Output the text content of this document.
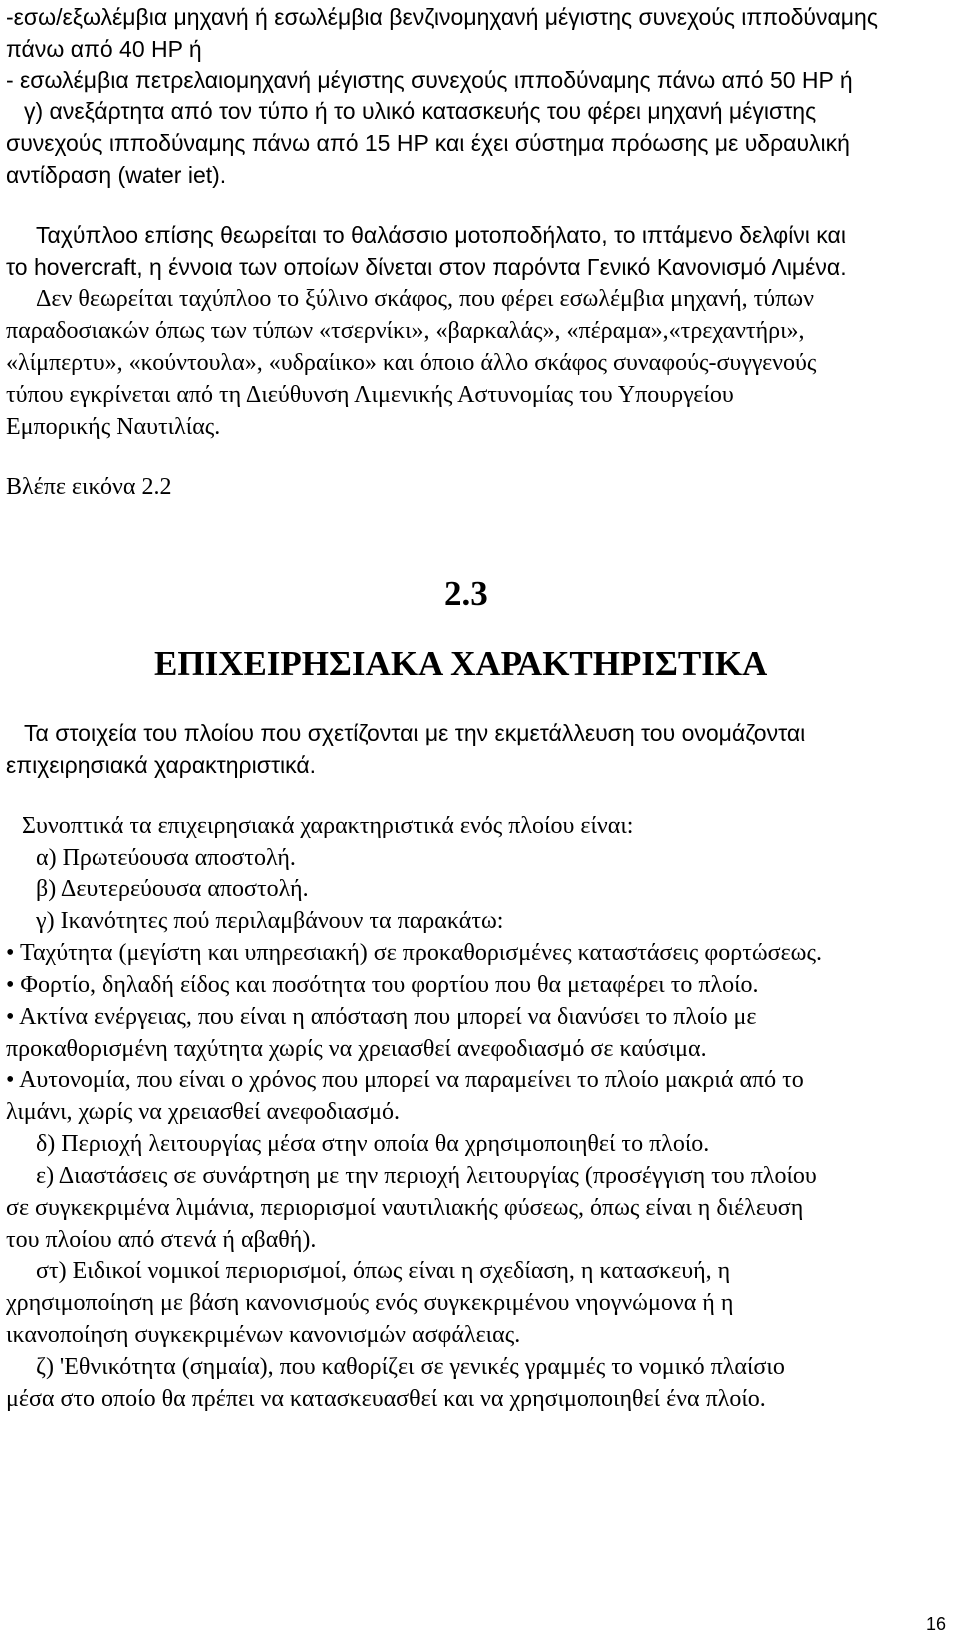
-εσω/εξωλέμβια μηχανή ή εσωλέμβια βενζινομηχανή μέγιστης συνεχούς ιπποδύναμης
πάνω από 40 HP ή
- εσωλέμβια πετρελαιομηχανή μέγιστης συνεχούς ιπποδύναμης πάνω από 50 HP ή
γ) ανεξάρτητα από τον τύπο ή το υλικό κατασκευής του φέρει μηχανή μέγιστης
συνεχούς ιπποδύναμης πάνω από 15 HP και έχει σύστημα πρόωσης με υδραυλική
αντίδραση (water iet).
Ταχύπλοο επίσης θεωρείται το θαλάσσιο μοτοποδήλατο, το ιπτάμενο δελφίνι και
το hovercraft, η έννοια των οποίων δίνεται στον παρόντα Γενικό Κανονισμό Λιμένα.
Δεν θεωρείται ταχύπλοο το ξύλινο σκάφος, που φέρει εσωλέμβια μηχανή, τύπων
παραδοσιακών όπως των τύπων «τσερνίκι», «βαρκαλάς», «πέραμα»,«τρεχαντήρι»,
«λίμπερτυ», «κούντουλα», «υδραίικο» και όποιο άλλο σκάφος συναφούς-συγγενούς
τύπου εγκρίνεται από τη Διεύθυνση Λιμενικής Αστυνομίας του Υπουργείου
Εμπορικής Ναυτιλίας.
Βλέπε εικόνα 2.2
2.3
ΕΠΙΧΕΙΡΗΣΙΑΚΑ ΧΑΡΑΚΤΗΡΙΣΤΙΚΑ
Τα στοιχεία του πλοίου που σχετίζονται με την εκμετάλλευση του ονομάζονται
επιχειρησιακά χαρακτηριστικά.
Συνοπτικά τα επιχειρησιακά χαρακτηριστικά ενός πλοίου είναι:
α) Πρωτεύουσα αποστολή.
β) Δευτερεύουσα αποστολή.
γ) Ικανότητες πού περιλαμβάνουν τα παρακάτω:
• Ταχύτητα (μεγίστη και υπηρεσιακή) σε προκαθορισμένες καταστάσεις φορτώσεως.
• Φορτίο, δηλαδή είδος και ποσότητα του φορτίου που θα μεταφέρει το πλοίο.
• Ακτίνα ενέργειας, που είναι η απόσταση που μπορεί να διανύσει το πλοίο με
προκαθορισμένη ταχύτητα χωρίς να χρειασθεί ανεφοδιασμό σε καύσιμα.
• Αυτονομία, που είναι ο χρόνος που μπορεί να παραμείνει το πλοίο μακριά από το
λιμάνι, χωρίς να χρειασθεί ανεφοδιασμό.
δ) Περιοχή λειτουργίας μέσα στην οποία θα χρησιμοποιηθεί το πλοίο.
ε) Διαστάσεις σε συνάρτηση με την περιοχή λειτουργίας (προσέγγιση του πλοίου
σε συγκεκριμένα λιμάνια, περιορισμοί ναυτιλιακής φύσεως, όπως είναι η διέλευση
του πλοίου από στενά ή αβαθή).
στ) Ειδικοί νομικοί περιορισμοί, όπως είναι η σχεδίαση, η κατασκευή, η
χρησιμοποίηση με βάση κανονισμούς ενός συγκεκριμένου νηογνώμονα ή η
ικανοποίηση συγκεκριμένων κανονισμών ασφάλειας.
ζ) 'Εθνικότητα (σημαία), που καθορίζει σε γενικές γραμμές το νομικό πλαίσιο
μέσα στο οποίο θα πρέπει να κατασκευασθεί και να χρησιμοποιηθεί ένα πλοίο.
16
